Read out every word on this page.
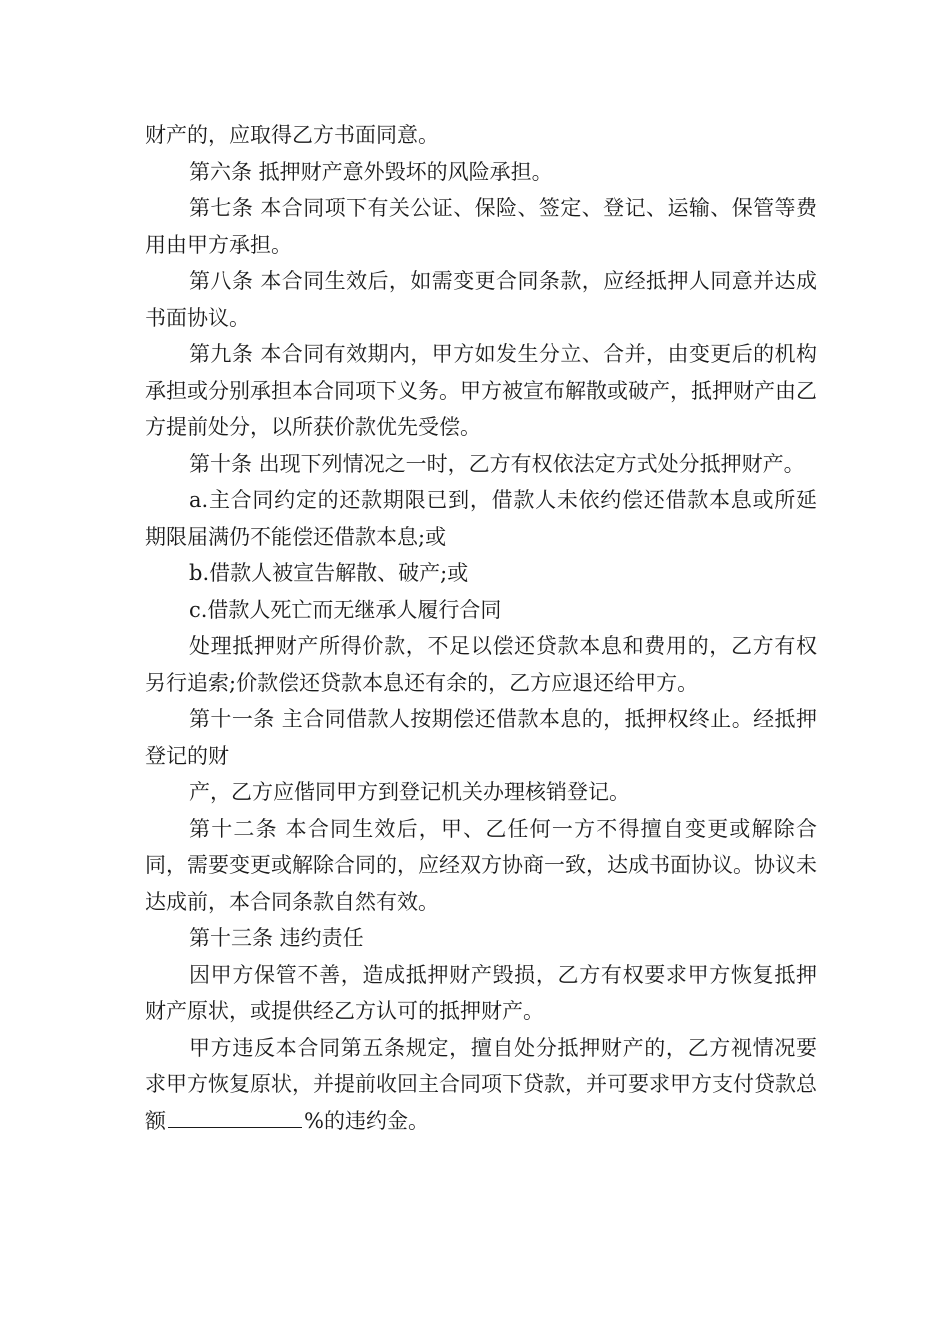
财产的，应取得乙方书面同意。

第六条 抵押财产意外毁坏的风险承担。

第七条 本合同项下有关公证、保险、签定、登记、运输、保管等费用由甲方承担。

第八条 本合同生效后，如需变更合同条款，应经抵押人同意并达成书面协议。

第九条 本合同有效期内，甲方如发生分立、合并，由变更后的机构承担或分别承担本合同项下义务。甲方被宣布解散或破产，抵押财产由乙方提前处分，以所获价款优先受偿。

第十条 出现下列情况之一时，乙方有权依法定方式处分抵押财产。

a.主合同约定的还款期限已到，借款人未依约偿还借款本息或所延期限届满仍不能偿还借款本息;或

b.借款人被宣告解散、破产;或

c.借款人死亡而无继承人履行合同

处理抵押财产所得价款，不足以偿还贷款本息和费用的，乙方有权另行追索;价款偿还贷款本息还有余的，乙方应退还给甲方。

第十一条 主合同借款人按期偿还借款本息的，抵押权终止。经抵押登记的财

产，乙方应偕同甲方到登记机关办理核销登记。

第十二条 本合同生效后，甲、乙任何一方不得擅自变更或解除合同，需要变更或解除合同的，应经双方协商一致，达成书面协议。协议未达成前，本合同条款自然有效。

第十三条 违约责任

因甲方保管不善，造成抵押财产毁损，乙方有权要求甲方恢复抵押财产原状，或提供经乙方认可的抵押财产。

甲方违反本合同第五条规定，擅自处分抵押财产的，乙方视情况要求甲方恢复原状，并提前收回主合同项下贷款，并可要求甲方支付贷款总额	%的违约金。
